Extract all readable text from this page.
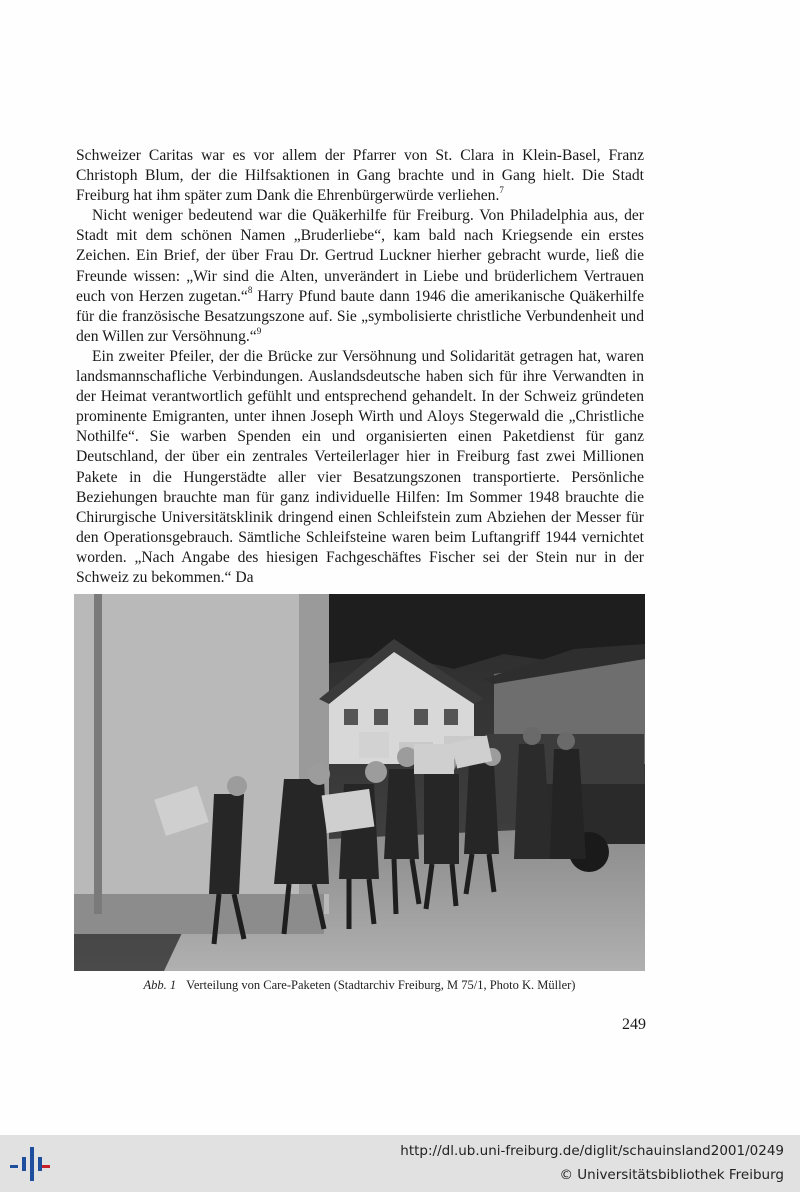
Schweizer Caritas war es vor allem der Pfarrer von St. Clara in Klein-Basel, Franz Christoph Blum, der die Hilfsaktionen in Gang brachte und in Gang hielt. Die Stadt Freiburg hat ihm später zum Dank die Ehrenbürgerwürde verliehen.$^7$

Nicht weniger bedeutend war die Quäkerhilfe für Freiburg. Von Philadelphia aus, der Stadt mit dem schönen Namen „Bruderliebe“, kam bald nach Kriegsende ein erstes Zeichen. Ein Brief, der über Frau Dr. Gertrud Luckner hierher gebracht wurde, ließ die Freunde wissen: „Wir sind die Alten, unverändert in Liebe und brüderlichem Vertrauen euch von Herzen zugetan.“$^8$ Harry Pfund baute dann 1946 die amerikanische Quäkerhilfe für die französische Besatzungszone auf. Sie „symbolisierte christliche Verbundenheit und den Willen zur Versöhnung.“$^9$

Ein zweiter Pfeiler, der die Brücke zur Versöhnung und Solidarität getragen hat, waren landsmannschafliche Verbindungen. Auslandsdeutsche haben sich für ihre Verwandten in der Heimat verantwortlich gefühlt und entsprechend gehandelt. In der Schweiz gründeten prominente Emigranten, unter ihnen Joseph Wirth und Aloys Stegerwald die „Christliche Nothilfe“. Sie warben Spenden ein und organisierten einen Paketdienst für ganz Deutschland, der über ein zentrales Verteilerlager hier in Freiburg fast zwei Millionen Pakete in die Hungerstädte aller vier Besatzungszonen transportierte. Persönliche Beziehungen brauchte man für ganz individuelle Hilfen: Im Sommer 1948 brauchte die Chirurgische Universitätsklinik dringend einen Schleifstein zum Abziehen der Messer für den Operationsgebrauch. Sämtliche Schleifsteine waren beim Luftangriff 1944 vernichtet worden. „Nach Angabe des hiesigen Fachgeschäftes Fischer sei der Stein nur in der Schweiz zu bekommen.“ Da

Abb. 1 Verteilung von Care-Paketen (Stadtarchiv Freiburg, M 75/1, Photo K. Müller)
249
http://dl.ub.uni-freiburg.de/diglit/schauinsland2001/0249
© Universitätsbibliothek Freiburg
